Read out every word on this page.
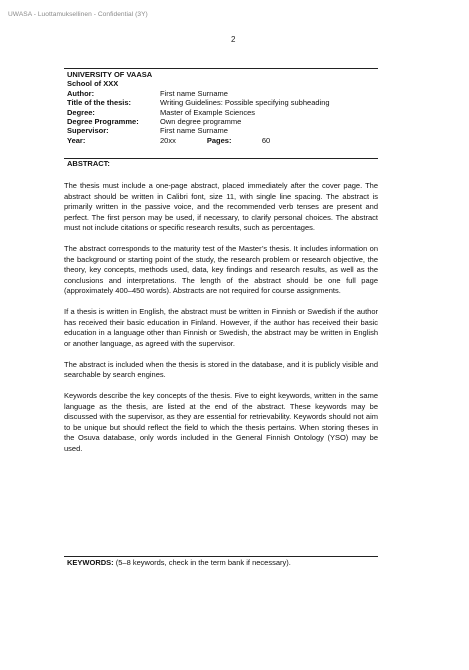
UWASA - Luottamuksellinen - Confidential (3Y)
2
UNIVERSITY OF VAASA
School of XXX
Author:	First name Surname
Title of the thesis:	Writing Guidelines: Possible specifying subheading
Degree:	Master of Example Sciences
Degree Programme:	Own degree programme
Supervisor:	First name Surname
Year:	20xx	Pages:	60
ABSTRACT:

The thesis must include a one-page abstract, placed immediately after the cover page. The abstract should be written in Calibri font, size 11, with single line spacing. The abstract is primarily written in the passive voice, and the recommended verb tenses are present and perfect. The first person may be used, if necessary, to clarify personal choices. The abstract must not include citations or specific research results, such as percentages.

The abstract corresponds to the maturity test of the Master’s thesis. It includes information on the background or starting point of the study, the research problem or research objective, the theory, key concepts, methods used, data, key findings and research results, as well as the conclusions and interpretations. The length of the abstract should be one full page (approximately 400–450 words). Abstracts are not required for course assignments.

If a thesis is written in English, the abstract must be written in Finnish or Swedish if the author has received their basic education in Finland. However, if the author has received their basic education in a language other than Finnish or Swedish, the abstract may be written in English or another language, as agreed with the supervisor.

The abstract is included when the thesis is stored in the database, and it is publicly visible and searchable by search engines.

Keywords describe the key concepts of the thesis. Five to eight keywords, written in the same language as the thesis, are listed at the end of the abstract. These keywords may be discussed with the supervisor, as they are essential for retrievability. Keywords should not aim to be unique but should reflect the field to which the thesis pertains. When storing theses in the Osuva database, only words included in the General Finnish Ontology (YSO) may be used.

KEYWORDS: (5–8 keywords, check in the term bank if necessary).
